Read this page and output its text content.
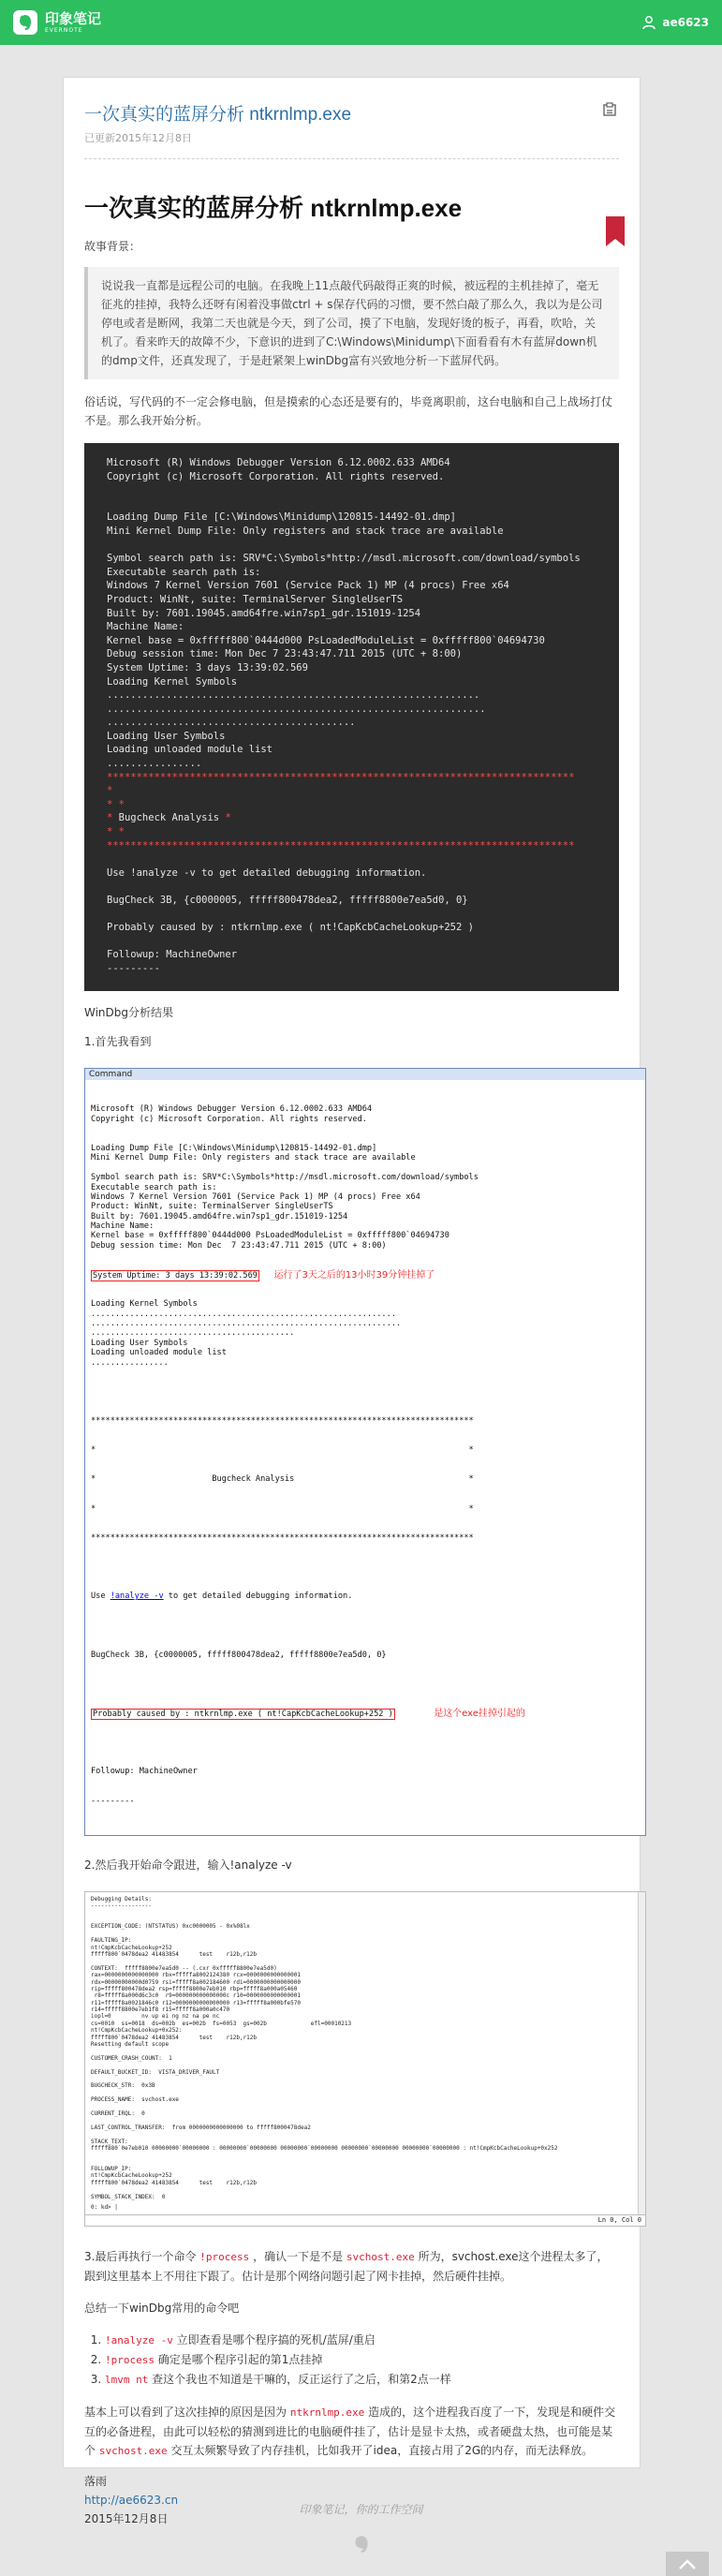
印象笔记
EVERNOTE
ae6623
一次真实的蓝屏分析 ntkrnlmp.exe
已更新2015年12月8日
一次真实的蓝屏分析 ntkrnlmp.exe
故事背景：
说说我一直都是远程公司的电脑。在我晚上11点敲代码敲得正爽的时候，被远程的主机挂掉了，毫无征兆的挂掉，我特么还呀有闲着没事做ctrl + s保存代码的习惯，要不然白敲了那么久，我以为是公司停电或者是断网，我第二天也就是今天，到了公司，摸了下电脑，发现好烫的板子，再看，吹哈，关机了。看来昨天的故障不少，下意识的进到了C:\Windows\Minidump\下面看看有木有蓝屏down机的dmp文件，还真发现了，于是赶紧架上winDbg富有兴致地分析一下蓝屏代码。
俗话说，写代码的不一定会修电脑，但是摸索的心态还是要有的，毕竟离职前，这台电脑和自己上战场打仗不是。那么我开始分析。
Microsoft (R) Windows Debugger Version 6.12.0002.633 AMD64
Copyright (c) Microsoft Corporation. All rights reserved.
Loading Dump File [C:\Windows\Minidump\120815-14492-01.dmp]
Mini Kernel Dump File: Only registers and stack trace are available
Symbol search path is: SRV*C:\Symbols*http://msdl.microsoft.com/download/symbols
Executable search path is:
Windows 7 Kernel Version 7601 (Service Pack 1) MP (4 procs) Free x64
Product: WinNt, suite: TerminalServer SingleUserTS
Built by: 7601.19045.amd64fre.win7sp1_gdr.151019-1254
Machine Name:
Kernel base = 0xfffff800`0444d000 PsLoadedModuleList = 0xfffff800`04694730
Debug session time: Mon Dec 7 23:43:47.711 2015 (UTC + 8:00)
System Uptime: 3 days 13:39:02.569
Loading Kernel Symbols
...............................................................
................................................................
..........................................
Loading User Symbols
Loading unloaded module list
................
*******************************************************************************
*
* *
* Bugcheck Analysis *
* *
*******************************************************************************
Use !analyze -v to get detailed debugging information.
BugCheck 3B, {c0000005, fffff800478dea2, fffff8800e7ea5d0, 0}
Probably caused by : ntkrnlmp.exe ( nt!CapKcbCacheLookup+252 )
Followup: MachineOwner
---------
WinDbg分析结果
1.首先我看到
Command

Microsoft (R) Windows Debugger Version 6.12.0002.633 AMD64
Copyright (c) Microsoft Corporation. All rights reserved.
Loading Dump File [C:\Windows\Minidump\120815-14492-01.dmp]
Mini Kernel Dump File: Only registers and stack trace are available
Symbol search path is: SRV*C:\Symbols*http://msdl.microsoft.com/download/symbols
Executable search path is:
Windows 7 Kernel Version 7601 (Service Pack 1) MP (4 procs) Free x64
Product: WinNt, suite: TerminalServer SingleUserTS
Built by: 7601.19045.amd64fre.win7sp1_gdr.151019-1254
Machine Name:
Kernel base = 0xfffff800`0444d000 PsLoadedModuleList = 0xfffff800`04694730
Debug session time: Mon Dec  7 23:43:47.711 2015 (UTC + 8:00)

System Uptime: 3 days 13:39:02.569 运行了3天之后的13小时39分钟挂掉了

Loading Kernel Symbols
...............................................................
................................................................
..........................................
Loading User Symbols
Loading unloaded module list
................

*******************************************************************************

*                                                                             *

*                        Bugcheck Analysis                                    *

*                                                                             *

*******************************************************************************

Use !analyze -v to get detailed debugging information.

BugCheck 3B, {c0000005, fffff800478dea2, fffff8800e7ea5d0, 0}

Probably caused by : ntkrnlmp.exe ( nt!CapKcbCacheLookup+252 )	是这个exe挂掉引起的

Followup: MachineOwner

---------

2.然后我开始命令跟进，输入!analyze -v
Debugging Details:
------------------
EXCEPTION_CODE: (NTSTATUS) 0xc0000005 - 0x%08lx
FAULTING_IP:
nt!CmpKcbCacheLookup+252
fffff800`0478dea2 41483854      test    r12b,r12b
CONTEXT:  fffff8800e7ea5d0 -- (.cxr 0xfffff8800e7ea5d0)
rax=0000000000000000 rbx=fffffa8002124380 rcx=0000000000000001
rdx=00000000000d0759 rsi=fffff8a002184600 rdi=0000000000000000
rip=fffff800478dea2 rsp=fffff8800e7eb010 rbp=fffff8a000a05460
r8=fffff8a000d6c3c0  r9=000000000000000c r10=0000000000000001
r11=fffff8a0021846c0 r12=0000000000000000 r13=fffff8a000bfe570
r14=fffff8800e7eb1f8 r15=fffff8a000a0c470
iopl=0         nv up ei ng nz na pe nc
cs=0010  ss=0018  ds=002b  es=002b  fs=0053  gs=002b             efl=00010213
nt!CmpKcbCacheLookup+0x252:
fffff800`0478dea2 41483854      test    r12b,r12b
Resetting default scope
CUSTOMER_CRASH_COUNT:  1
DEFAULT_BUCKET_ID:  VISTA_DRIVER_FAULT
BUGCHECK_STR:  0x3B
PROCESS_NAME:  svchost.exe
CURRENT_IRQL:  0
LAST_CONTROL_TRANSFER:  from 0000000000000000 to fffff8000478dea2
STACK_TEXT:
fffff880`0e7eb010 00000000`00000000 : 00000000`00000000 00000000`00000000 00000000`00000000 00000000`00000000 : nt!CmpKcbCacheLookup+0x252
FOLLOWUP_IP:
nt!CmpKcbCacheLookup+252
fffff800`0478dea2 41483854      test    r12b,r12b
SYMBOL_STACK_INDEX:  0
0: kd> |
Ln 0, Col 0
3.最后再执行一个命令 !process ，确认一下是不是 svchost.exe 所为，svchost.exe这个进程太多了，跟到这里基本上不用往下跟了。估计是那个网络问题引起了网卡挂掉，然后硬件挂掉。
总结一下winDbg常用的命令吧
1. !analyze -v 立即查看是哪个程序搞的死机/蓝屏/重启
2. !process 确定是哪个程序引起的第1点挂掉
3. lmvm nt 查这个我也不知道是干嘛的，反正运行了之后，和第2点一样
基本上可以看到了这次挂掉的原因是因为 ntkrnlmp.exe 造成的，这个进程我百度了一下，发现是和硬件交互的必备进程，由此可以轻松的猜测到进比的电脑硬件挂了，估计是显卡太热，或者硬盘太热，也可能是某个 svchost.exe 交互太频繁导致了内存挂机，比如我开了idea，直接占用了2G的内存，而无法释放。
落雨
http://ae6623.cn
2015年12月8日
印象笔记，你的工作空间
